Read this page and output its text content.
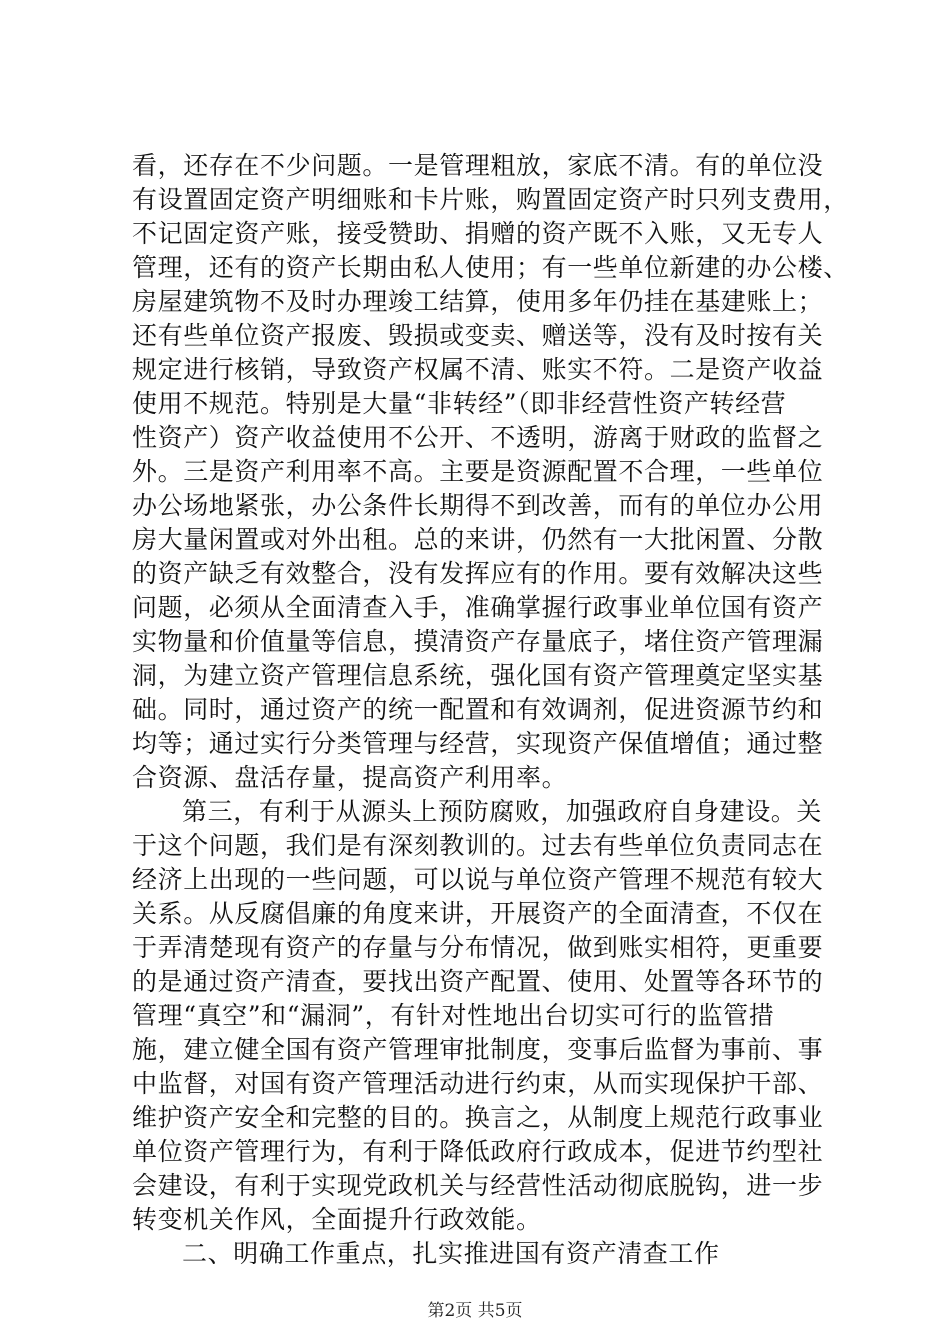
看，还存在不少问题。一是管理粗放，家底不清。有的单位没
有设置固定资产明细账和卡片账，购置固定资产时只列支费用，
不记固定资产账，接受赞助、捐赠的资产既不入账，又无专人
管理，还有的资产长期由私人使用；有一些单位新建的办公楼、
房屋建筑物不及时办理竣工结算，使用多年仍挂在基建账上；
还有些单位资产报废、毁损或变卖、赠送等，没有及时按有关
规定进行核销，导致资产权属不清、账实不符。二是资产收益
使用不规范。特别是大量“非转经”（即非经营性资产转经营
性资产）资产收益使用不公开、不透明，游离于财政的监督之
外。三是资产利用率不高。主要是资源配置不合理，一些单位
办公场地紧张，办公条件长期得不到改善，而有的单位办公用
房大量闲置或对外出租。总的来讲，仍然有一大批闲置、分散
的资产缺乏有效整合，没有发挥应有的作用。要有效解决这些
问题，必须从全面清查入手，准确掌握行政事业单位国有资产
实物量和价值量等信息，摸清资产存量底子，堵住资产管理漏
洞，为建立资产管理信息系统，强化国有资产管理奠定坚实基
础。同时，通过资产的统一配置和有效调剂，促进资源节约和
均等；通过实行分类管理与经营，实现资产保值增值；通过整
合资源、盘活存量，提高资产利用率。
第三，有利于从源头上预防腐败，加强政府自身建设。关
于这个问题，我们是有深刻教训的。过去有些单位负责同志在
经济上出现的一些问题，可以说与单位资产管理不规范有较大
关系。从反腐倡廉的角度来讲，开展资产的全面清查，不仅在
于弄清楚现有资产的存量与分布情况，做到账实相符，更重要
的是通过资产清查，要找出资产配置、使用、处置等各环节的
管理“真空”和“漏洞”，有针对性地出台切实可行的监管措
施，建立健全国有资产管理审批制度，变事后监督为事前、事
中监督，对国有资产管理活动进行约束，从而实现保护干部、
维护资产安全和完整的目的。换言之，从制度上规范行政事业
单位资产管理行为，有利于降低政府行政成本，促进节约型社
会建设，有利于实现党政机关与经营性活动彻底脱钩，进一步
转变机关作风，全面提升行政效能。
二、明确工作重点，扎实推进国有资产清查工作
第2页 共5页
